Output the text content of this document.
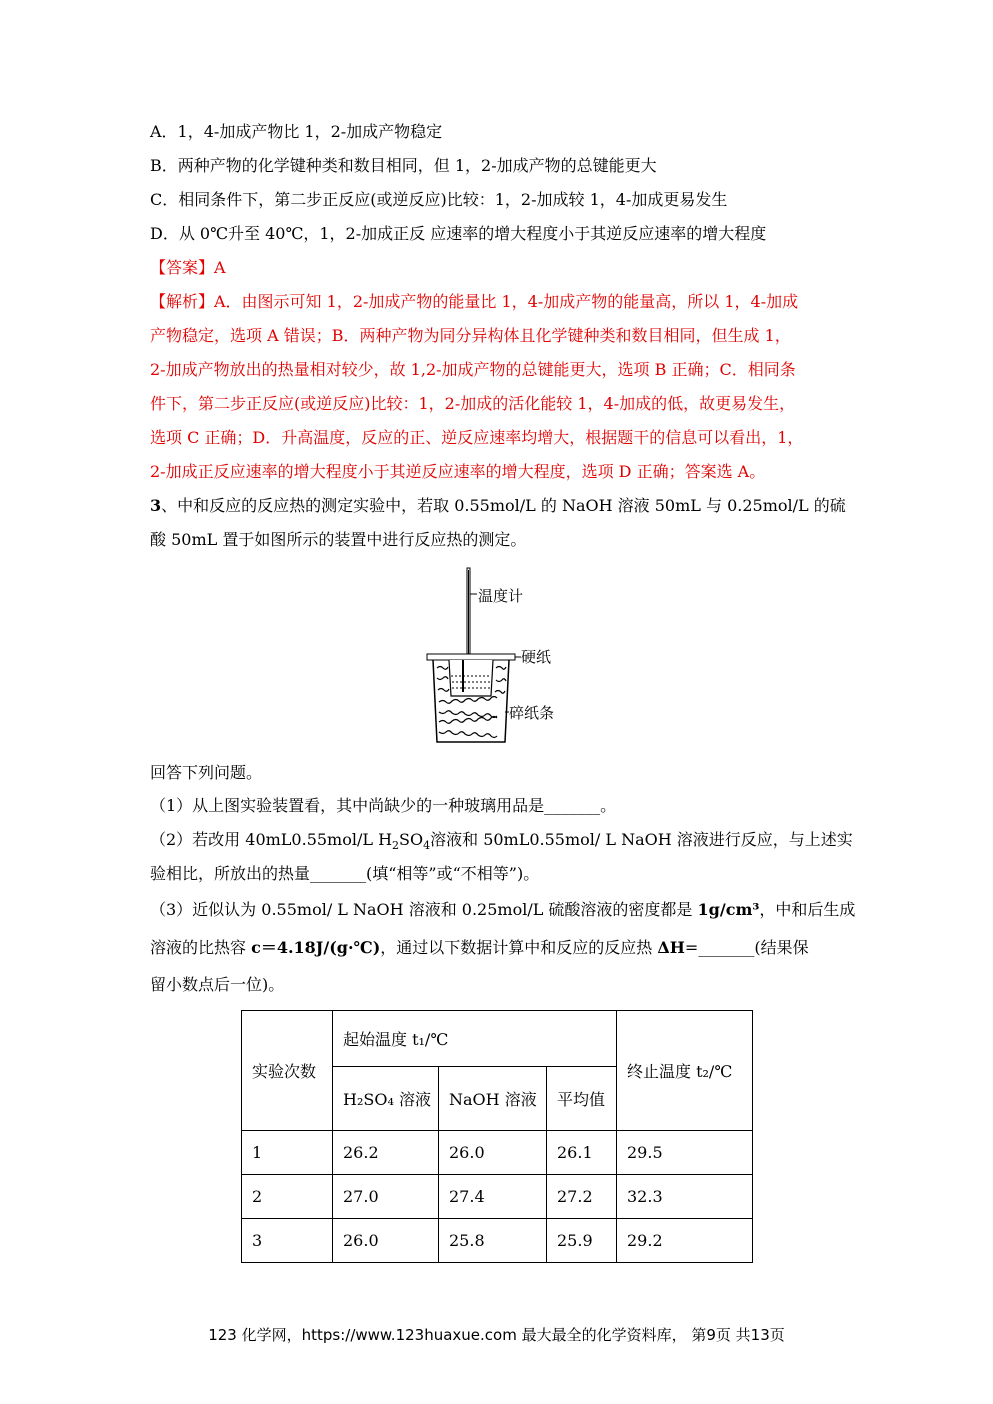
A．1，4-加成产物比 1，2-加成产物稳定
B．两种产物的化学键种类和数目相同，但 1，2-加成产物的总键能更大
C．相同条件下，第二步正反应(或逆反应)比较：1，2-加成较 1，4-加成更易发生
D．从 0℃升至 40℃，1，2-加成正反 应速率的增大程度小于其逆反应速率的增大程度
【答案】A
【解析】A．由图示可知 1，2-加成产物的能量比 1，4-加成产物的能量高，所以 1，4-加成
产物稳定，选项 A 错误；B．两种产物为同分异构体且化学键种类和数目相同，但生成 1，
2-加成产物放出的热量相对较少，故 1,2-加成产物的总键能更大，选项 B 正确；C．相同条
件下，第二步正反应(或逆反应)比较：1，2-加成的活化能较 1，4-加成的低，故更易发生，
选项 C 正确；D．升高温度，反应的正、逆反应速率均增大，根据题干的信息可以看出，1，
2-加成正反应速率的增大程度小于其逆反应速率的增大程度，选项 D 正确；答案选 A。
3、中和反应的反应热的测定实验中，若取 0.55mol/L 的 NaOH 溶液 50mL 与 0.25mol/L 的硫
酸 50mL 置于如图所示的装置中进行反应热的测定。
温度计
硬纸
碎纸条
回答下列问题。
（1）从上图实验装置看，其中尚缺少的一种玻璃用品是_______。
（2）若改用 40mL0.55mol/L $H_2SO_4$溶液和 50mL0.55mol/ L NaOH 溶液进行反应，与上述实
验相比，所放出的热量_______(填“相等”或“不相等”)。
（3）近似认为 0.55mol/ L NaOH 溶液和 0.25mol/L 硫酸溶液的密度都是 1g/cm³，中和后生成
溶液的比热容 c＝4.18J/(g·℃)，通过以下数据计算中和反应的反应热 ΔH=_______(结果保
留小数点后一位)。
实验次数	起始温度 t₁/℃			终止温度 t₂/℃
	H₂SO₄ 溶液	NaOH 溶液	平均值	
1	26.2	26.0	26.1	29.5
2	27.0	27.4	27.2	32.3
3	26.0	25.8	25.9	29.2
123 化学网，https://www.123huaxue.com 最大最全的化学资料库， 第9页 共13页
